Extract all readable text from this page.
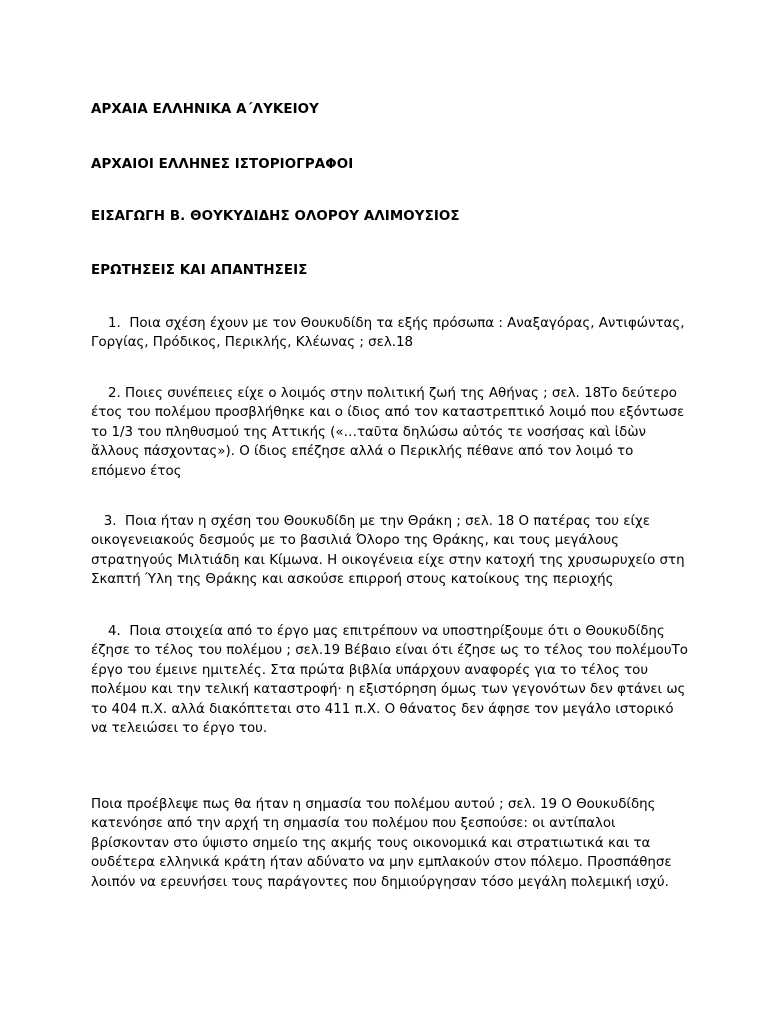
ΑΡΧΑΙΑ ΕΛΛΗΝΙΚΑ Α΄ΛΥΚΕΙΟΥ
ΑΡΧΑΙΟΙ ΕΛΛΗΝΕΣ ΙΣΤΟΡΙΟΓΡΑΦΟΙ
ΕΙΣΑΓΩΓΗ Β. ΘΟΥΚΥΔΙΔΗΣ ΟΛΟΡΟΥ ΑΛΙΜΟΥΣΙΟΣ
ΕΡΩΤΗΣΕΙΣ ΚΑΙ ΑΠΑΝΤΗΣΕΙΣ
1.  Ποια σχέση έχουν με τον Θουκυδίδη τα εξής πρόσωπα : Αναξαγόρας, Αντιφώντας,
Γοργίας, Πρόδικος, Περικλής, Κλέωνας ; σελ.18
2. Ποιες συνέπειες είχε ο λοιμός στην πολιτική ζωή της Αθήνας ; σελ. 18Το δεύτερο
έτος του πολέμου προσβλήθηκε και ο ίδιος από τον καταστρεπτικό λοιμό που εξόντωσε
το 1/3 του πληθυσμού της Αττικής («…ταῦτα δηλώσω αὐτός τε νοσήσας καὶ ἰδὼν
ἄλλους πάσχοντας»). Ο ίδιος επέζησε αλλά ο Περικλής πέθανε από τον λοιμό το
επόμενο έτος
3.  Ποια ήταν η σχέση του Θουκυδίδη με την Θράκη ; σελ. 18 Ο πατέρας του είχε
οικογενειακούς δεσμούς με το βασιλιά Όλορο της Θράκης, και τους μεγάλους
στρατηγούς Μιλτιάδη και Κίμωνα. Η οικογένεια είχε στην κατοχή της χρυσωρυχείο στη
Σκαπτή Ύλη της Θράκης και ασκούσε επιρροή στους κατοίκους της περιοχής
4.  Ποια στοιχεία από το έργο μας επιτρέπουν να υποστηρίξουμε ότι ο Θουκυδίδης
έζησε το τέλος του πολέμου ; σελ.19 Βέβαιο είναι ότι έζησε ως το τέλος του πολέμουΤο
έργο του έμεινε ημιτελές. Στα πρώτα βιβλία υπάρχουν αναφορές για το τέλος του
πολέμου και την τελική καταστροφή· η εξιστόρηση όμως των γεγονότων δεν φτάνει ως
το 404 π.Χ. αλλά διακόπτεται στο 411 π.Χ. Ο θάνατος δεν άφησε τον μεγάλο ιστορικό
να τελειώσει το έργο του.
Ποια προέβλεψε πως θα ήταν η σημασία του πολέμου αυτού ; σελ. 19 Ο Θουκυδίδης
κατενόησε από την αρχή τη σημασία του πολέμου που ξεσπούσε: οι αντίπαλοι
βρίσκονταν στο ύψιστο σημείο της ακμής τους οικονομικά και στρατιωτικά και τα
ουδέτερα ελληνικά κράτη ήταν αδύνατο να μην εμπλακούν στον πόλεμο. Προσπάθησε
λοιπόν να ερευνήσει τους παράγοντες που δημιούργησαν τόσο μεγάλη πολεμική ισχύ.
